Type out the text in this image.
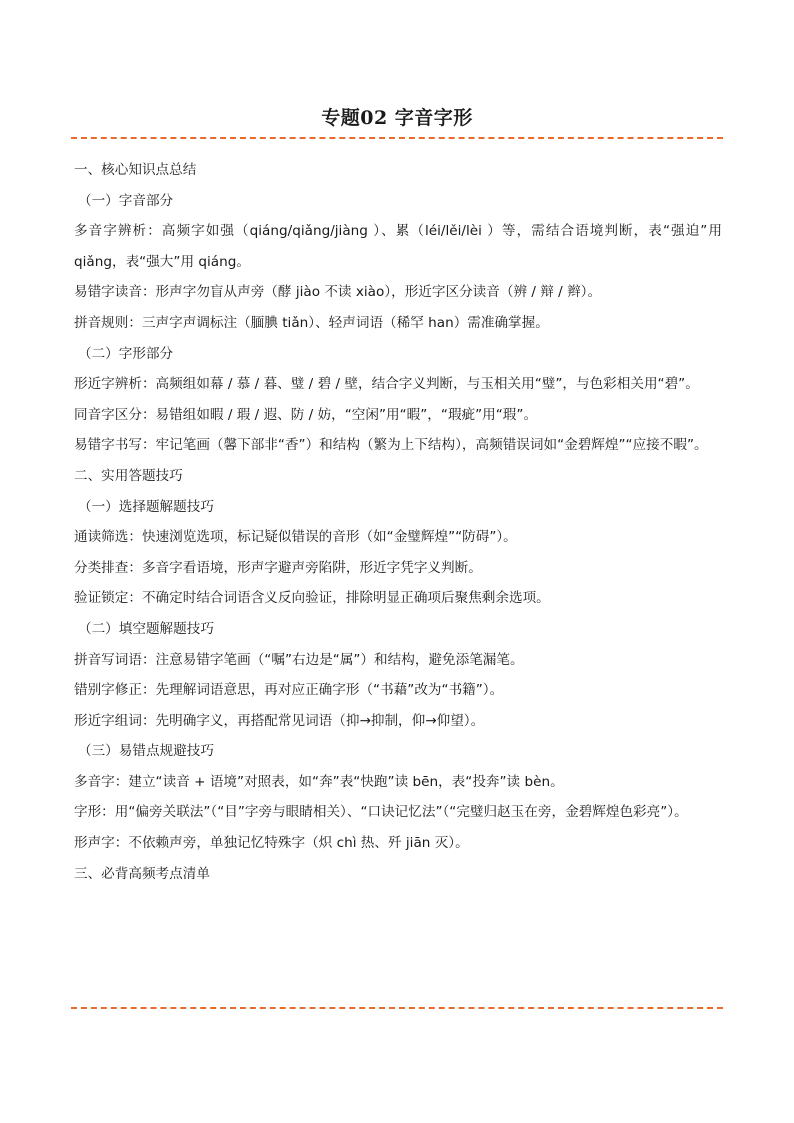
专题02 字音字形

一、核心知识点总结

（一）字音部分

多音字辨析：高频字如强（qiáng/qiǎng/jiàng ）、累（léi/lěi/lèi ）等，需结合语境判断，表“强迫”用 qiǎng，表“强大”用 qiáng。

易错字读音：形声字勿盲从声旁（酵 jiào 不读 xiào），形近字区分读音（辨 / 辩 / 辫）。

拼音规则：三声字声调标注（腼腆 tiǎn）、轻声词语（稀罕 han）需准确掌握。

（二）字形部分

形近字辨析：高频组如幕 / 慕 / 暮、璧 / 碧 / 壁，结合字义判断，与玉相关用“璧”，与色彩相关用“碧”。

同音字区分：易错组如暇 / 瑕 / 遐、防 / 妨，“空闲”用“暇”，“瑕疵”用“瑕”。

易错字书写：牢记笔画（馨下部非“香”）和结构（繁为上下结构），高频错误词如“金碧辉煌”“应接不暇”。

二、实用答题技巧

（一）选择题解题技巧

通读筛选：快速浏览选项，标记疑似错误的音形（如“金璧辉煌”“防碍”）。

分类排查：多音字看语境，形声字避声旁陷阱，形近字凭字义判断。

验证锁定：不确定时结合词语含义反向验证，排除明显正确项后聚焦剩余选项。

（二）填空题解题技巧

拼音写词语：注意易错字笔画（“嘱”右边是“属”）和结构，避免添笔漏笔。

错别字修正：先理解词语意思，再对应正确字形（“书藉”改为“书籍”）。

形近字组词：先明确字义，再搭配常见词语（抑→抑制，仰→仰望）。

（三）易错点规避技巧

多音字：建立“读音 + 语境”对照表，如“奔”表“快跑”读 bēn，表“投奔”读 bèn。

字形：用“偏旁关联法”（“目”字旁与眼睛相关）、“口诀记忆法”（“完璧归赵玉在旁，金碧辉煌色彩亮”）。

形声字：不依赖声旁，单独记忆特殊字（炽 chì 热、歼 jiān 灭）。

三、必背高频考点清单
